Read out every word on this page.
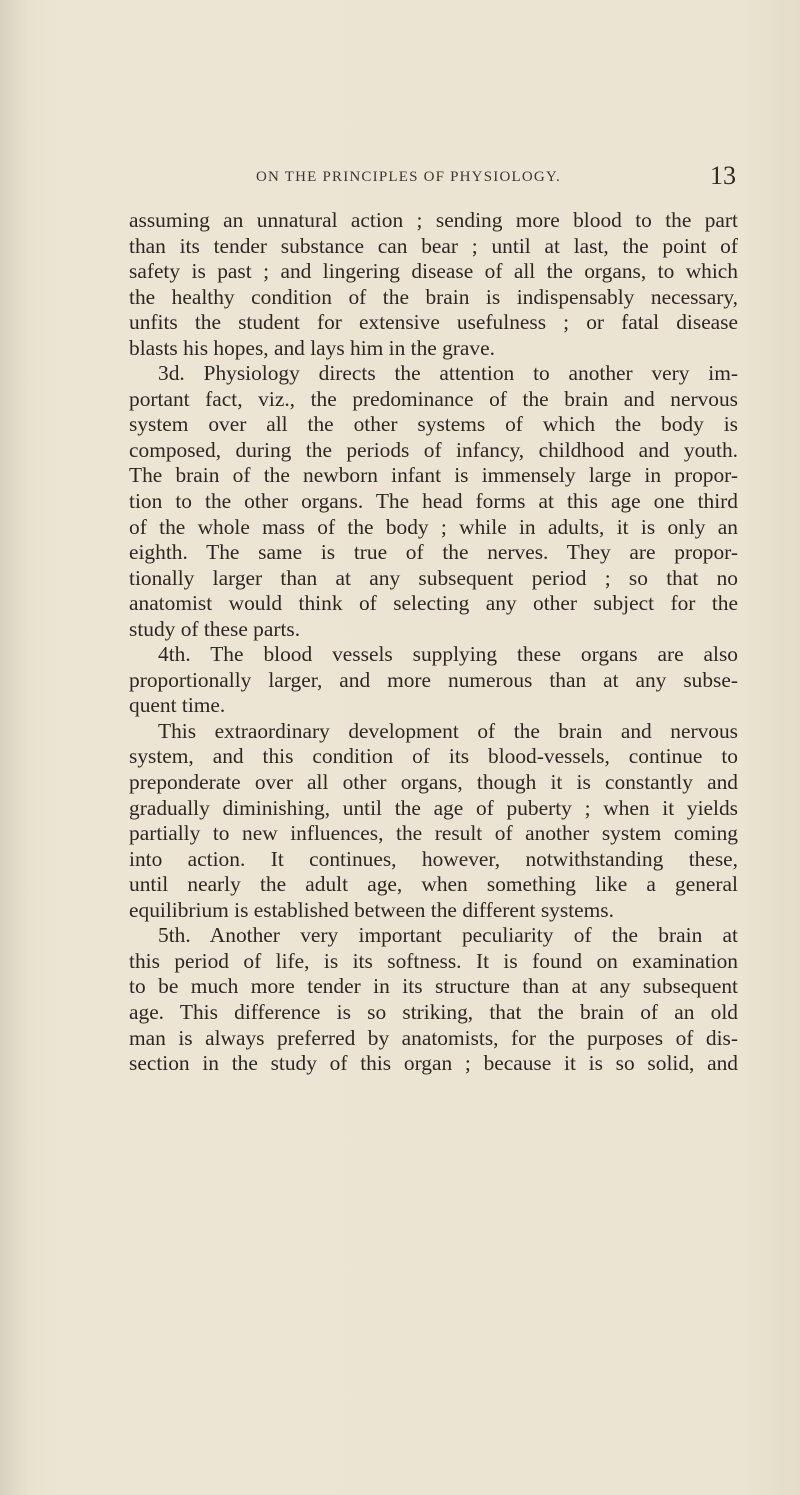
ON THE PRINCIPLES OF PHYSIOLOGY.	13
assuming an unnatural action ; sending more blood to the part
than its tender substance can bear ; until at last, the point of
safety is past ; and lingering disease of all the organs, to which
the healthy condition of the brain is indispensably necessary,
unfits the student for extensive usefulness ; or fatal disease
blasts his hopes, and lays him in the grave.
3d. Physiology directs the attention to another very im-
portant fact, viz., the predominance of the brain and nervous
system over all the other systems of which the body is
composed, during the periods of infancy, childhood and youth.
The brain of the newborn infant is immensely large in propor-
tion to the other organs. The head forms at this age one third
of the whole mass of the body ; while in adults, it is only an
eighth. The same is true of the nerves. They are propor-
tionally larger than at any subsequent period ; so that no
anatomist would think of selecting any other subject for the
study of these parts.
4th. The blood vessels supplying these organs are also
proportionally larger, and more numerous than at any subse-
quent time.
This extraordinary development of the brain and nervous
system, and this condition of its blood-vessels, continue to
preponderate over all other organs, though it is constantly and
gradually diminishing, until the age of puberty ; when it yields
partially to new influences, the result of another system coming
into action. It continues, however, notwithstanding these,
until nearly the adult age, when something like a general
equilibrium is established between the different systems.
5th. Another very important peculiarity of the brain at
this period of life, is its softness. It is found on examination
to be much more tender in its structure than at any subsequent
age. This difference is so striking, that the brain of an old
man is always preferred by anatomists, for the purposes of dis-
section in the study of this organ ; because it is so solid, and
